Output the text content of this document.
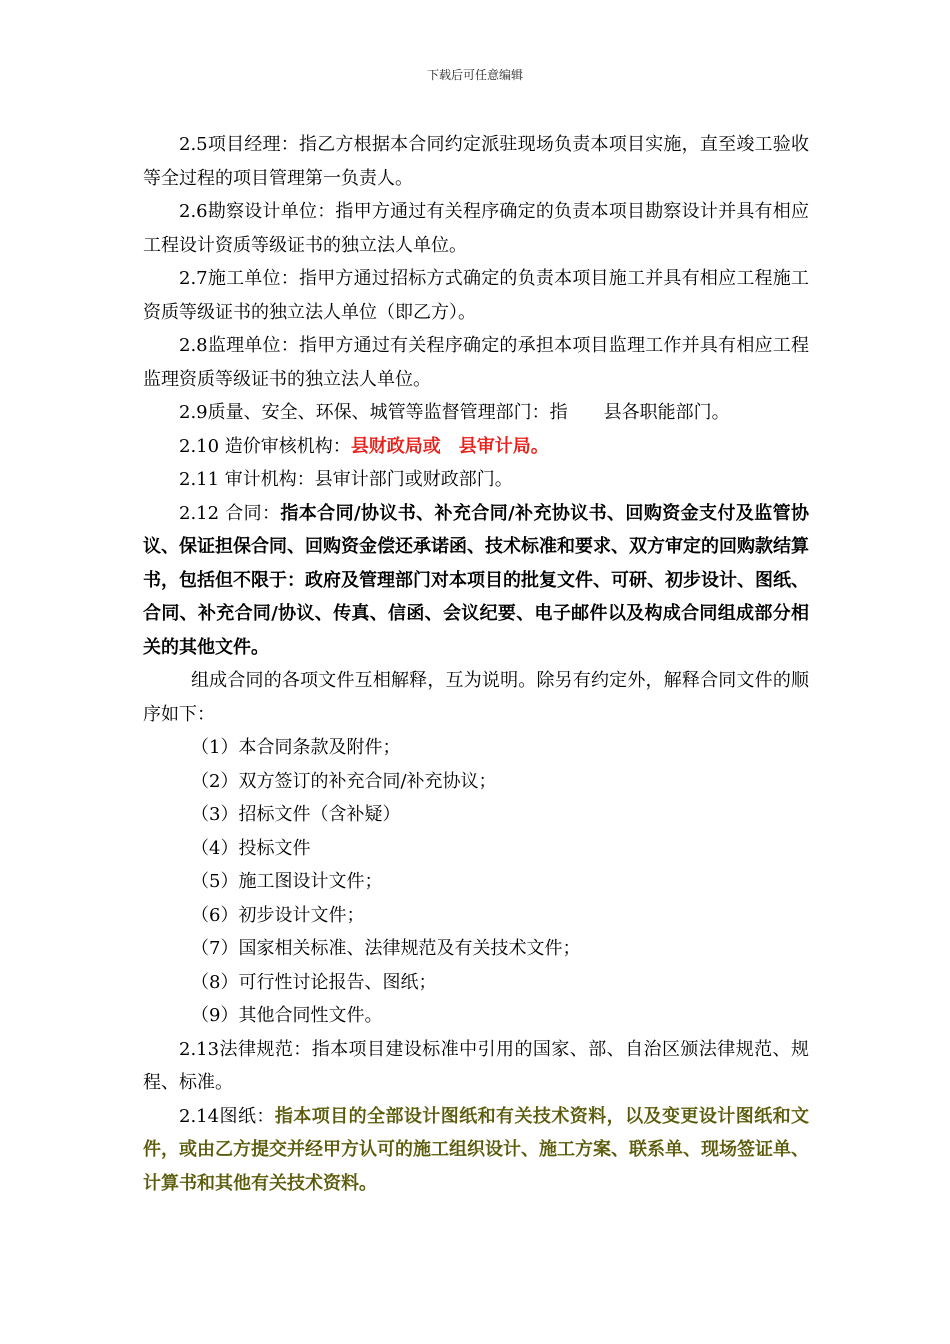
下载后可任意编辑

2.5项目经理：指乙方根据本合同约定派驻现场负责本项目实施，直至竣工验收等全过程的项目管理第一负责人。

2.6勘察设计单位：指甲方通过有关程序确定的负责本项目勘察设计并具有相应工程设计资质等级证书的独立法人单位。

2.7施工单位：指甲方通过招标方式确定的负责本项目施工并具有相应工程施工资质等级证书的独立法人单位（即乙方）。

2.8监理单位：指甲方通过有关程序确定的承担本项目监理工作并具有相应工程监理资质等级证书的独立法人单位。

2.9质量、安全、环保、城管等监督管理部门：指　　县各职能部门。

2.10 造价审核机构：县财政局或　县审计局。

2.11 审计机构：县审计部门或财政部门。

2.12 合同：指本合同/协议书、补充合同/补充协议书、回购资金支付及监管协议、保证担保合同、回购资金偿还承诺函、技术标准和要求、双方审定的回购款结算书，包括但不限于：政府及管理部门对本项目的批复文件、可研、初步设计、图纸、合同、补充合同/协议、传真、信函、会议纪要、电子邮件以及构成合同组成部分相关的其他文件。

组成合同的各项文件互相解释，互为说明。除另有约定外，解释合同文件的顺序如下：

（1）本合同条款及附件；

（2）双方签订的补充合同/补充协议；

（3）招标文件（含补疑）

（4）投标文件

（5）施工图设计文件；

（6）初步设计文件；

（7）国家相关标准、法律规范及有关技术文件；

（8）可行性讨论报告、图纸；

（9）其他合同性文件。

2.13法律规范：指本项目建设标准中引用的国家、部、自治区颁法律规范、规程、标准。

2.14图纸：指本项目的全部设计图纸和有关技术资料，以及变更设计图纸和文件，或由乙方提交并经甲方认可的施工组织设计、施工方案、联系单、现场签证单、计算书和其他有关技术资料。
